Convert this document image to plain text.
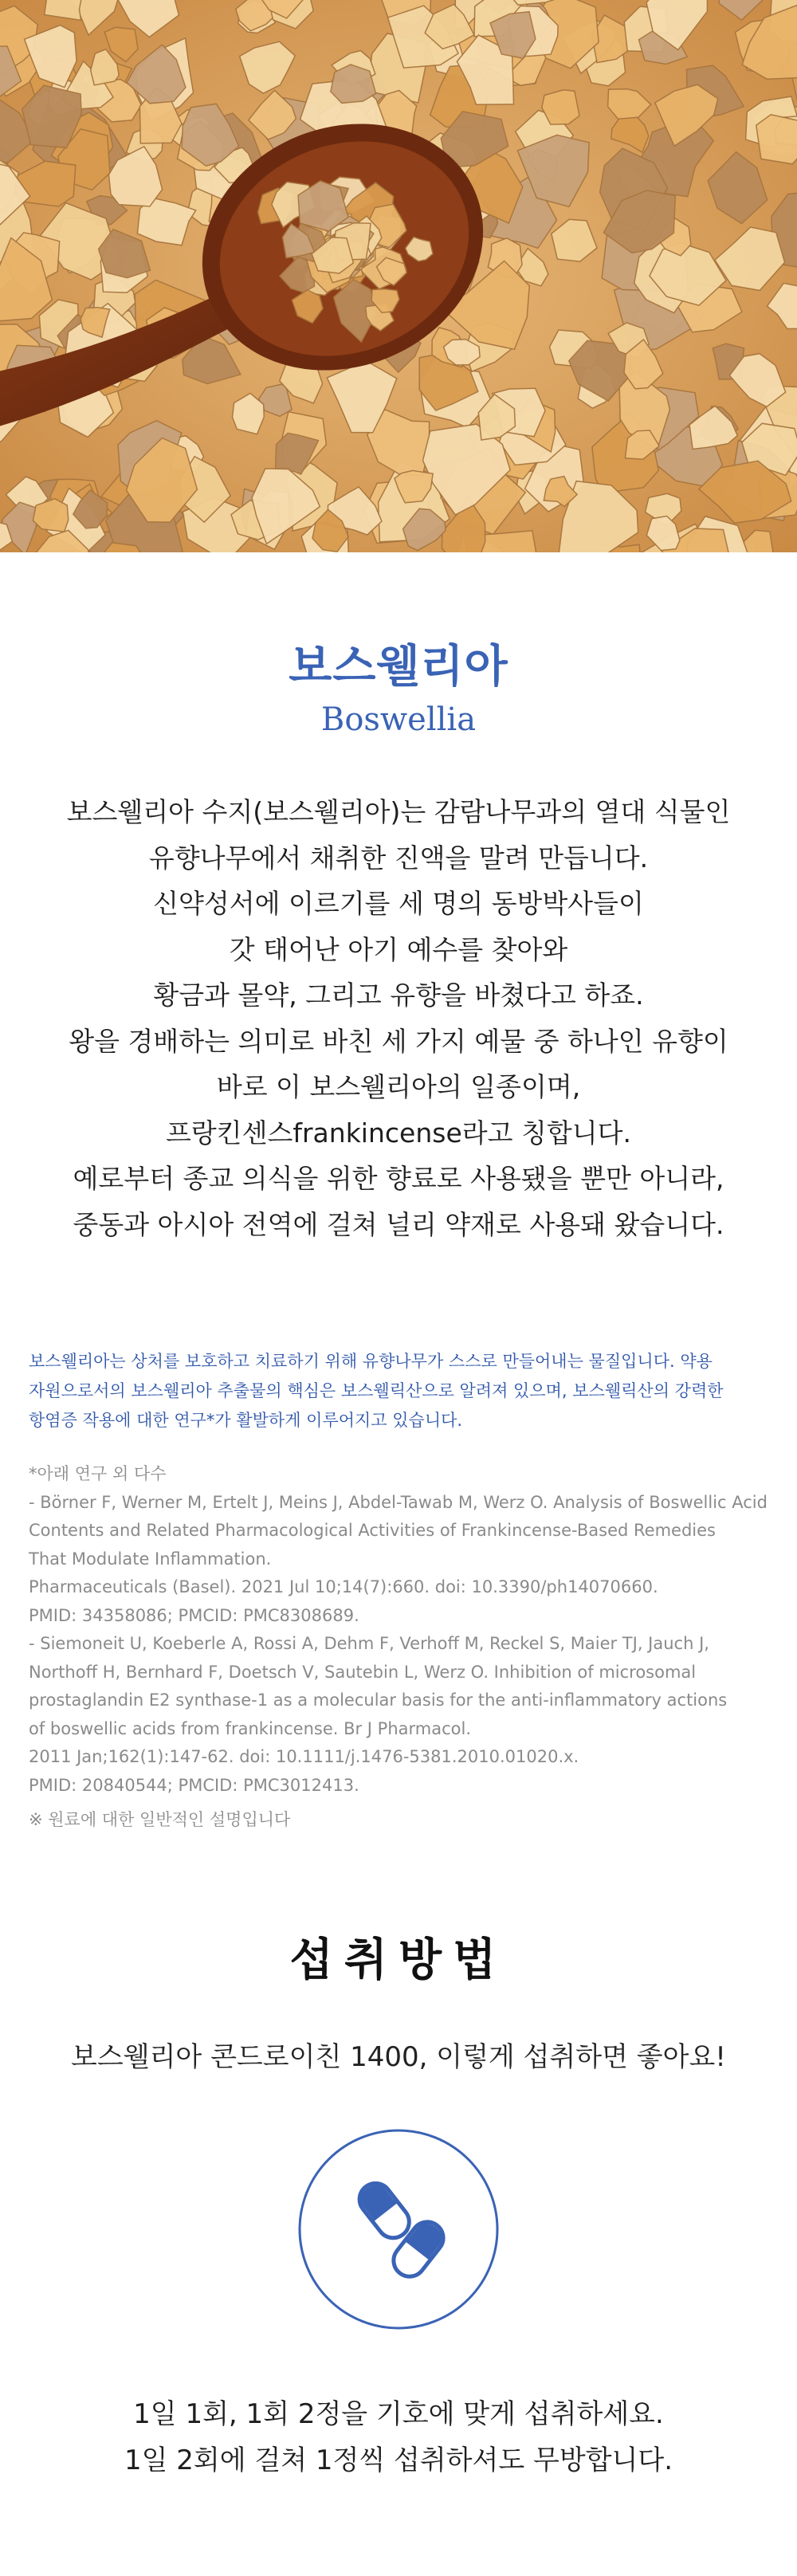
보스웰리아
Boswellia
보스웰리아 수지(보스웰리아)는 감람나무과의 열대 식물인
유향나무에서 채취한 진액을 말려 만듭니다.
신약성서에 이르기를 세 명의 동방박사들이
갓 태어난 아기 예수를 찾아와
황금과 몰약, 그리고 유향을 바쳤다고 하죠.
왕을 경배하는 의미로 바친 세 가지 예물 중 하나인 유향이
바로 이 보스웰리아의 일종이며,
프랑킨센스frankincense라고 칭합니다.
예로부터 종교 의식을 위한 향료로 사용됐을 뿐만 아니라,
중동과 아시아 전역에 걸쳐 널리 약재로 사용돼 왔습니다.
보스웰리아는 상처를 보호하고 치료하기 위해 유향나무가 스스로 만들어내는 물질입니다. 약용
자원으로서의 보스웰리아 추출물의 핵심은 보스웰릭산으로 알려져 있으며, 보스웰릭산의 강력한
항염증 작용에 대한 연구*가 활발하게 이루어지고 있습니다.
*아래 연구 외 다수
- Börner F, Werner M, Ertelt J, Meins J, Abdel-Tawab M, Werz O. Analysis of Boswellic Acid
Contents and Related Pharmacological Activities of Frankincense-Based Remedies
That Modulate Inflammation.
Pharmaceuticals (Basel). 2021 Jul 10;14(7):660. doi: 10.3390/ph14070660.
PMID: 34358086; PMCID: PMC8308689.
- Siemoneit U, Koeberle A, Rossi A, Dehm F, Verhoff M, Reckel S, Maier TJ, Jauch J,
Northoff H, Bernhard F, Doetsch V, Sautebin L, Werz O. Inhibition of microsomal
prostaglandin E2 synthase-1 as a molecular basis for the anti-inflammatory actions
of boswellic acids from frankincense. Br J Pharmacol.
2011 Jan;162(1):147-62. doi: 10.1111/j.1476-5381.2010.01020.x.
PMID: 20840544; PMCID: PMC3012413.
※ 원료에 대한 일반적인 설명입니다
섭취방법
보스웰리아 콘드로이친 1400, 이렇게 섭취하면 좋아요!
1일 1회, 1회 2정을 기호에 맞게 섭취하세요.
1일 2회에 걸쳐 1정씩 섭취하셔도 무방합니다.
